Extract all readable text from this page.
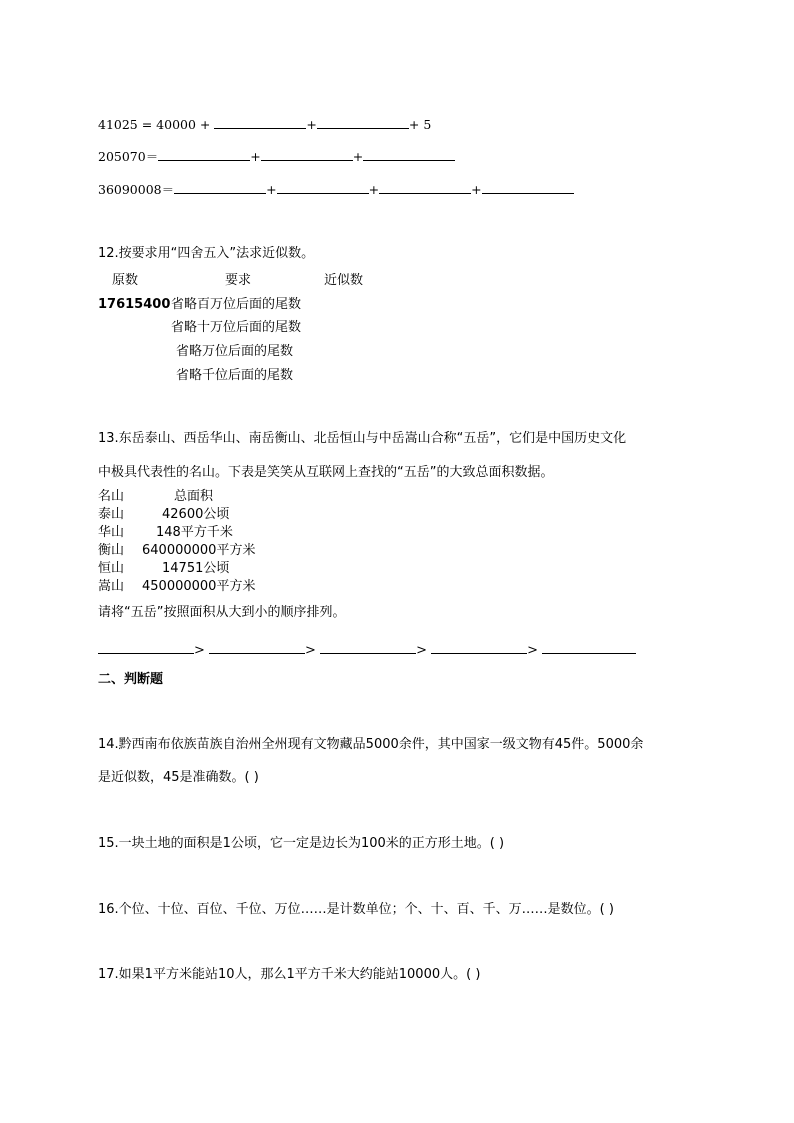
41025 = 40000 +	+	+ 5
205070＝	+	+
36090008＝	+	+	+
12.按要求用“四舍五入”法求近似数。
原数	要求	近似数
17615400 省略百万位后面的尾数
省略十万位后面的尾数
省略万位后面的尾数
省略千位后面的尾数
13.东岳泰山、西岳华山、南岳衡山、北岳恒山与中岳嵩山合称“五岳”，它们是中国历史文化
中极具代表性的名山。下表是笑笑从互联网上查找的“五岳”的大致总面积数据。
名山	总面积
泰山	42600公顷
华山 148平方千米
衡山 640000000平方米
恒山	14751公顷
嵩山 450000000平方米
请将“五岳”按照面积从大到小的顺序排列。
>	>	>	>
二、判断题
14.黔西南布依族苗族自治州全州现有文物藏品5000余件，其中国家一级文物有45件。5000余
是近似数，45是准确数。( )
15.一块土地的面积是1公顷，它一定是边长为100米的正方形土地。( )
16.个位、十位、百位、千位、万位……是计数单位；个、十、百、千、万……是数位。( )
17.如果1平方米能站10人，那么1平方千米大约能站10000人。( )
